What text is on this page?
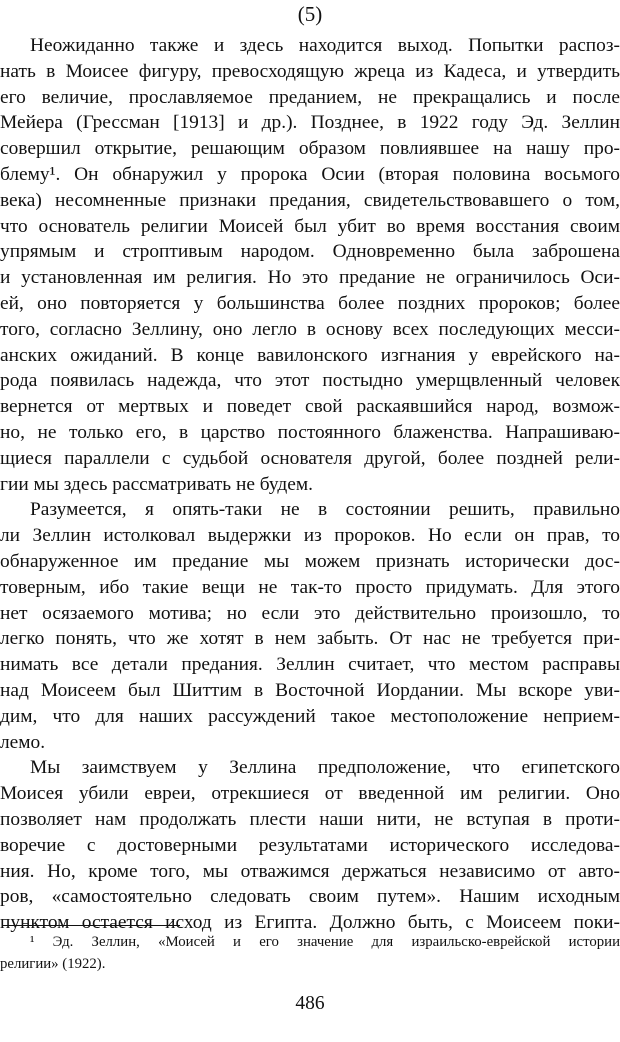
(5)
Неожиданно также и здесь находится выход. Попытки распоз-
нать в Моисее фигуру, превосходящую жреца из Кадеса, и утвердить
его величие, прославляемое преданием, не прекращались и после
Мейера (Грессман [1913] и др.). Позднее, в 1922 году Эд. Зеллин
совершил открытие, решающим образом повлиявшее на нашу про-
блему¹. Он обнаружил у пророка Осии (вторая половина восьмого
века) несомненные признаки предания, свидетельствовавшего о том,
что основатель религии Моисей был убит во время восстания своим
упрямым и строптивым народом. Одновременно была заброшена
и установленная им религия. Но это предание не ограничилось Оси-
ей, оно повторяется у большинства более поздних пророков; более
того, согласно Зеллину, оно легло в основу всех последующих месси-
анских ожиданий. В конце вавилонского изгнания у еврейского на-
рода появилась надежда, что этот постыдно умерщвленный человек
вернется от мертвых и поведет свой раскаявшийся народ, возмож-
но, не только его, в царство постоянного блаженства. Напрашиваю-
щиеся параллели с судьбой основателя другой, более поздней рели-
гии мы здесь рассматривать не будем.
Разумеется, я опять-таки не в состоянии решить, правильно
ли Зеллин истолковал выдержки из пророков. Но если он прав, то
обнаруженное им предание мы можем признать исторически дос-
товерным, ибо такие вещи не так-то просто придумать. Для этого
нет осязаемого мотива; но если это действительно произошло, то
легко понять, что же хотят в нем забыть. От нас не требуется при-
нимать все детали предания. Зеллин считает, что местом расправы
над Моисеем был Шиттим в Восточной Иордании. Мы вскоре уви-
дим, что для наших рассуждений такое местоположение неприем-
лемо.
Мы заимствуем у Зеллина предположение, что египетского
Моисея убили евреи, отрекшиеся от введенной им религии. Оно
позволяет нам продолжать плести наши нити, не вступая в проти-
воречие с достоверными результатами исторического исследова-
ния. Но, кроме того, мы отважимся держаться независимо от авто-
ров, «самостоятельно следовать своим путем». Нашим исходным
пунктом остается исход из Египта. Должно быть, с Моисеем поки-
¹ Эд. Зеллин, «Моисей и его значение для израильско-еврейской истории
религии» (1922).
486
